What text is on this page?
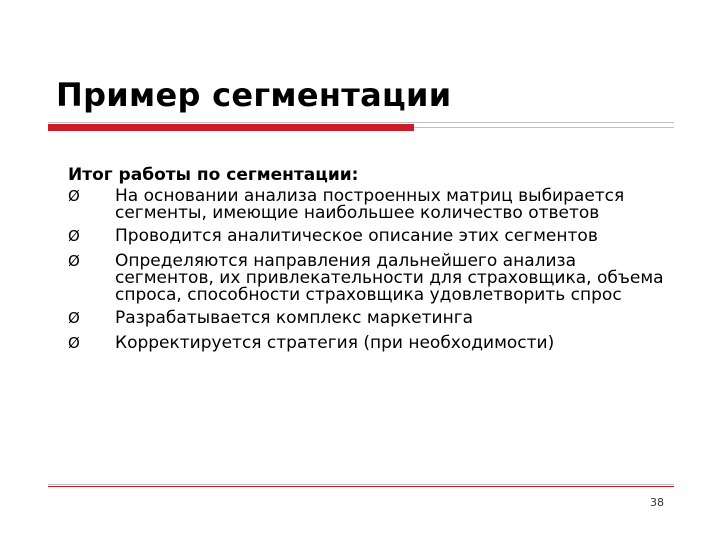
Пример сегментации
Итог работы по сегментации:
Ø	На основании анализа построенных матриц выбирается сегменты, имеющие наибольшее количество ответов
Ø	Проводится аналитическое описание этих сегментов
Ø	Определяются направления дальнейшего анализа сегментов, их привлекательности для страховщика, объема спроса, способности страховщика удовлетворить спрос
Ø	Разрабатывается комплекс маркетинга
Ø	Корректируется стратегия (при необходимости)
38
